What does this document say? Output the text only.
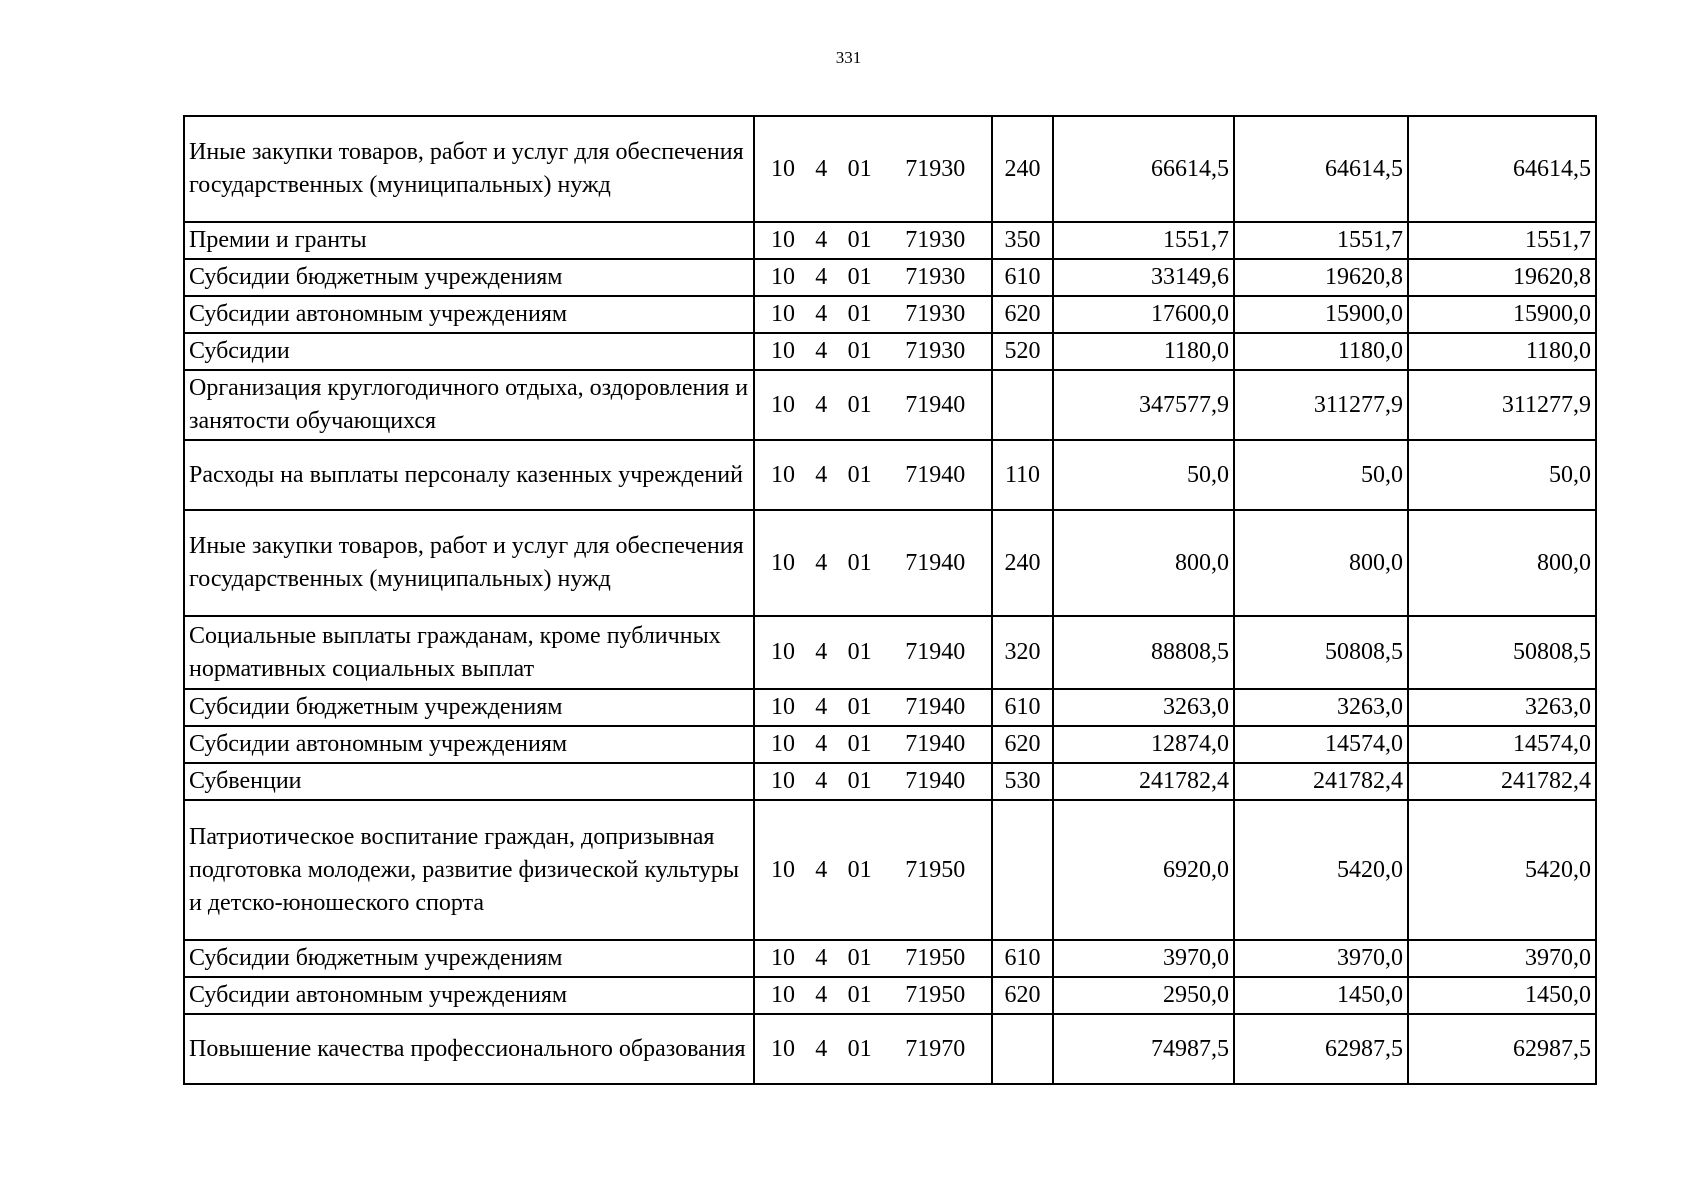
331
Иные закупки товаров, работ и услуг для обеспечения государственных (муниципальных) нужд	10 4 01 71930	240	66614,5	64614,5	64614,5
Премии и гранты	10 4 01 71930	350	1551,7	1551,7	1551,7
Субсидии бюджетным учреждениям	10 4 01 71930	610	33149,6	19620,8	19620,8
Субсидии автономным учреждениям	10 4 01 71930	620	17600,0	15900,0	15900,0
Субсидии	10 4 01 71930	520	1180,0	1180,0	1180,0
Организация круглогодичного отдыха, оздоровления и занятости обучающихся	10 4 01 71940		347577,9	311277,9	311277,9
Расходы на выплаты персоналу казенных учреждений	10 4 01 71940	110	50,0	50,0	50,0
Иные закупки товаров, работ и услуг для обеспечения государственных (муниципальных) нужд	10 4 01 71940	240	800,0	800,0	800,0
Социальные выплаты гражданам, кроме публичных нормативных социальных выплат	10 4 01 71940	320	88808,5	50808,5	50808,5
Субсидии бюджетным учреждениям	10 4 01 71940	610	3263,0	3263,0	3263,0
Субсидии автономным учреждениям	10 4 01 71940	620	12874,0	14574,0	14574,0
Субвенции	10 4 01 71940	530	241782,4	241782,4	241782,4
Патриотическое воспитание граждан, допризывная подготовка молодежи, развитие физической культуры и детско-юношеского спорта	10 4 01 71950		6920,0	5420,0	5420,0
Субсидии бюджетным учреждениям	10 4 01 71950	610	3970,0	3970,0	3970,0
Субсидии автономным учреждениям	10 4 01 71950	620	2950,0	1450,0	1450,0
Повышение качества профессионального образования	10 4 01 71970		74987,5	62987,5	62987,5
